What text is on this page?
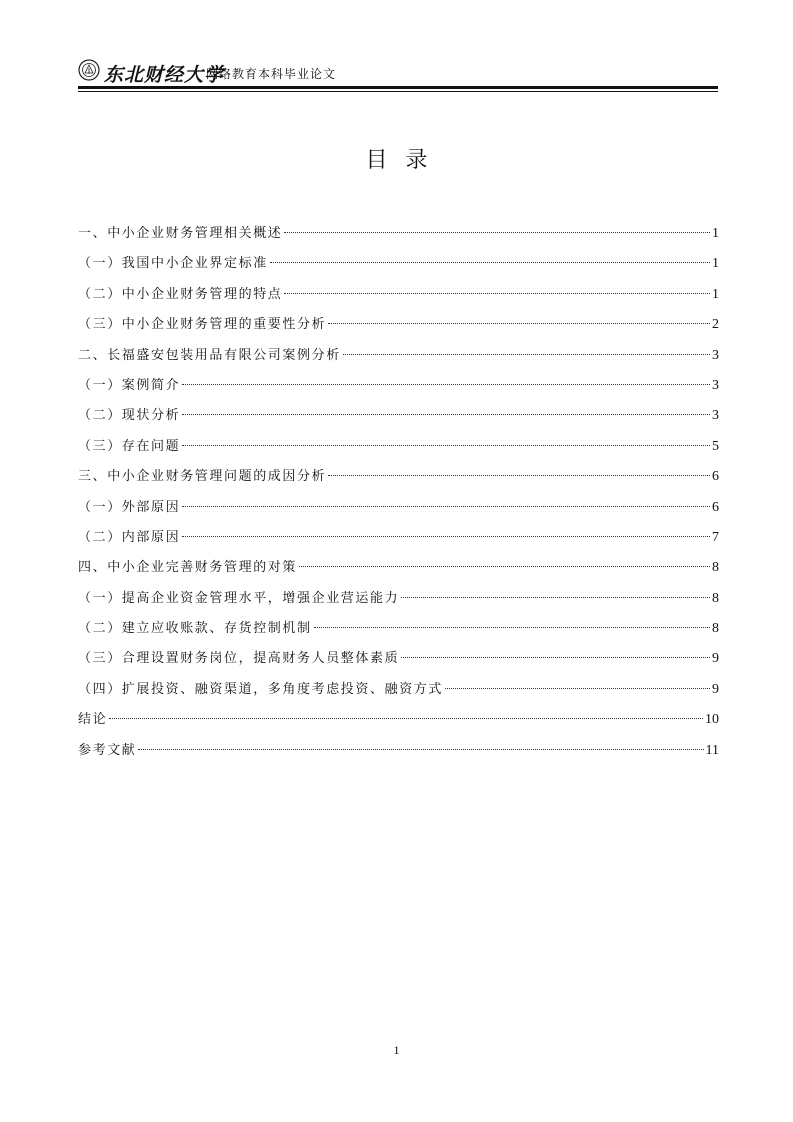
东北财经大学
网络教育本科毕业论文
目录
一、中小企业财务管理相关概述	1
（一）我国中小企业界定标准	1
（二）中小企业财务管理的特点	1
（三）中小企业财务管理的重要性分析	2
二、长福盛安包装用品有限公司案例分析	3
（一）案例简介	3
（二）现状分析	3
（三）存在问题	5
三、中小企业财务管理问题的成因分析	6
（一）外部原因	6
（二）内部原因	7
四、中小企业完善财务管理的对策	8
（一）提高企业资金管理水平，增强企业营运能力	8
（二）建立应收账款、存货控制机制	8
（三）合理设置财务岗位，提高财务人员整体素质	9
（四）扩展投资、融资渠道，多角度考虑投资、融资方式	9
结论	10
参考文献	11
1
